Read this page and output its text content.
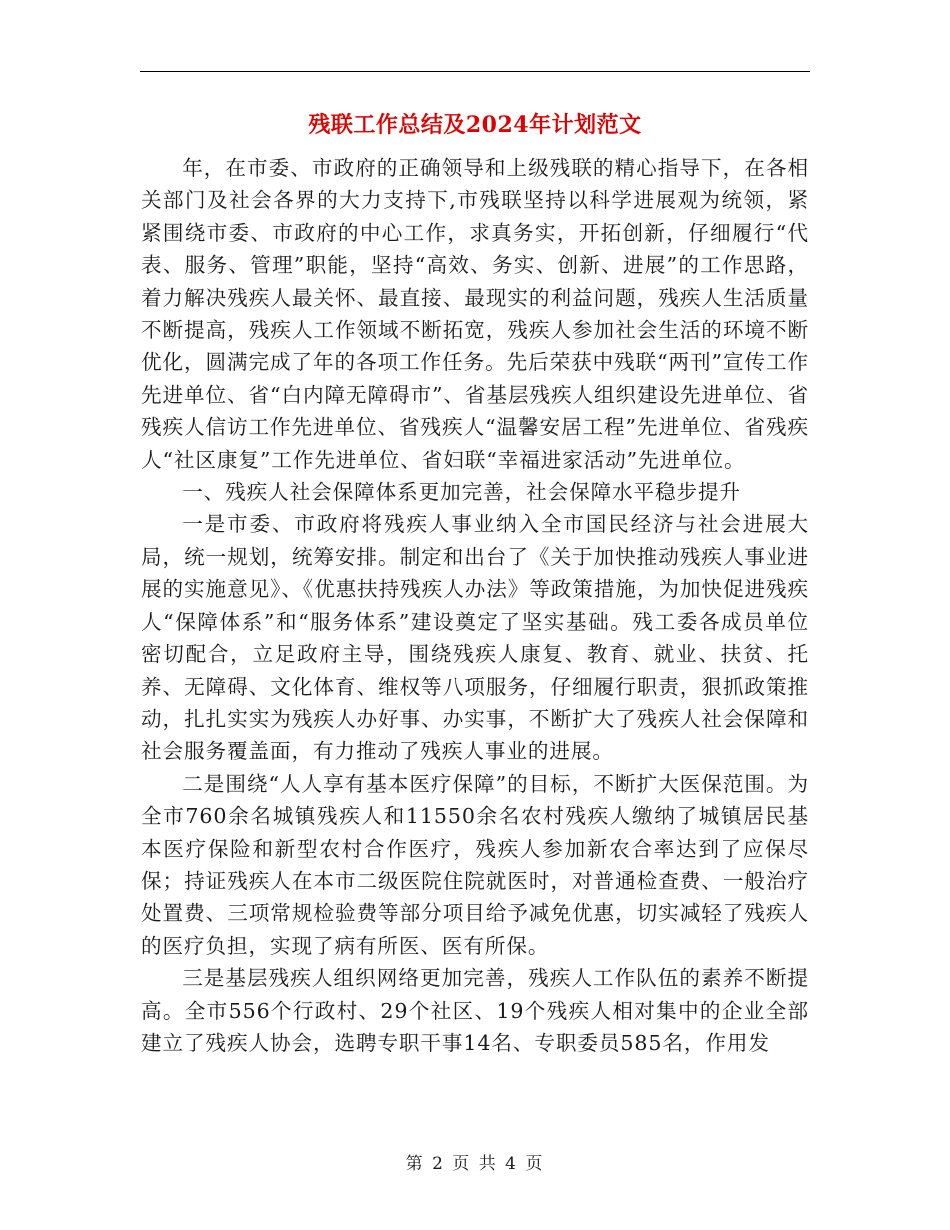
残联工作总结及2024年计划范文

年，在市委、市政府的正确领导和上级残联的精心指导下，在各相关部门及社会各界的大力支持下,市残联坚持以科学进展观为统领，紧紧围绕市委、市政府的中心工作，求真务实，开拓创新，仔细履行“代表、服务、管理”职能，坚持“高效、务实、创新、进展”的工作思路，着力解决残疾人最关怀、最直接、最现实的利益问题，残疾人生活质量不断提高，残疾人工作领域不断拓宽，残疾人参加社会生活的环境不断优化，圆满完成了年的各项工作任务。先后荣获中残联“两刊”宣传工作先进单位、省“白内障无障碍市”、省基层残疾人组织建设先进单位、省残疾人信访工作先进单位、省残疾人“温馨安居工程”先进单位、省残疾人“社区康复”工作先进单位、省妇联“幸福进家活动”先进单位。

一、残疾人社会保障体系更加完善，社会保障水平稳步提升

一是市委、市政府将残疾人事业纳入全市国民经济与社会进展大局，统一规划，统筹安排。制定和出台了《关于加快推动残疾人事业进展的实施意见》、《优惠扶持残疾人办法》等政策措施，为加快促进残疾人“保障体系”和“服务体系”建设奠定了坚实基础。残工委各成员单位密切配合，立足政府主导，围绕残疾人康复、教育、就业、扶贫、托养、无障碍、文化体育、维权等八项服务，仔细履行职责，狠抓政策推动，扎扎实实为残疾人办好事、办实事，不断扩大了残疾人社会保障和社会服务覆盖面，有力推动了残疾人事业的进展。

二是围绕“人人享有基本医疗保障”的目标，不断扩大医保范围。为全市760余名城镇残疾人和11550余名农村残疾人缴纳了城镇居民基本医疗保险和新型农村合作医疗，残疾人参加新农合率达到了应保尽保；持证残疾人在本市二级医院住院就医时，对普通检查费、一般治疗处置费、三项常规检验费等部分项目给予减免优惠，切实减轻了残疾人的医疗负担，实现了病有所医、医有所保。

三是基层残疾人组织网络更加完善，残疾人工作队伍的素养不断提高。全市556个行政村、29个社区、19个残疾人相对集中的企业全部建立了残疾人协会，选聘专职干事14名、专职委员585名，作用发

第 2 页 共 4 页
